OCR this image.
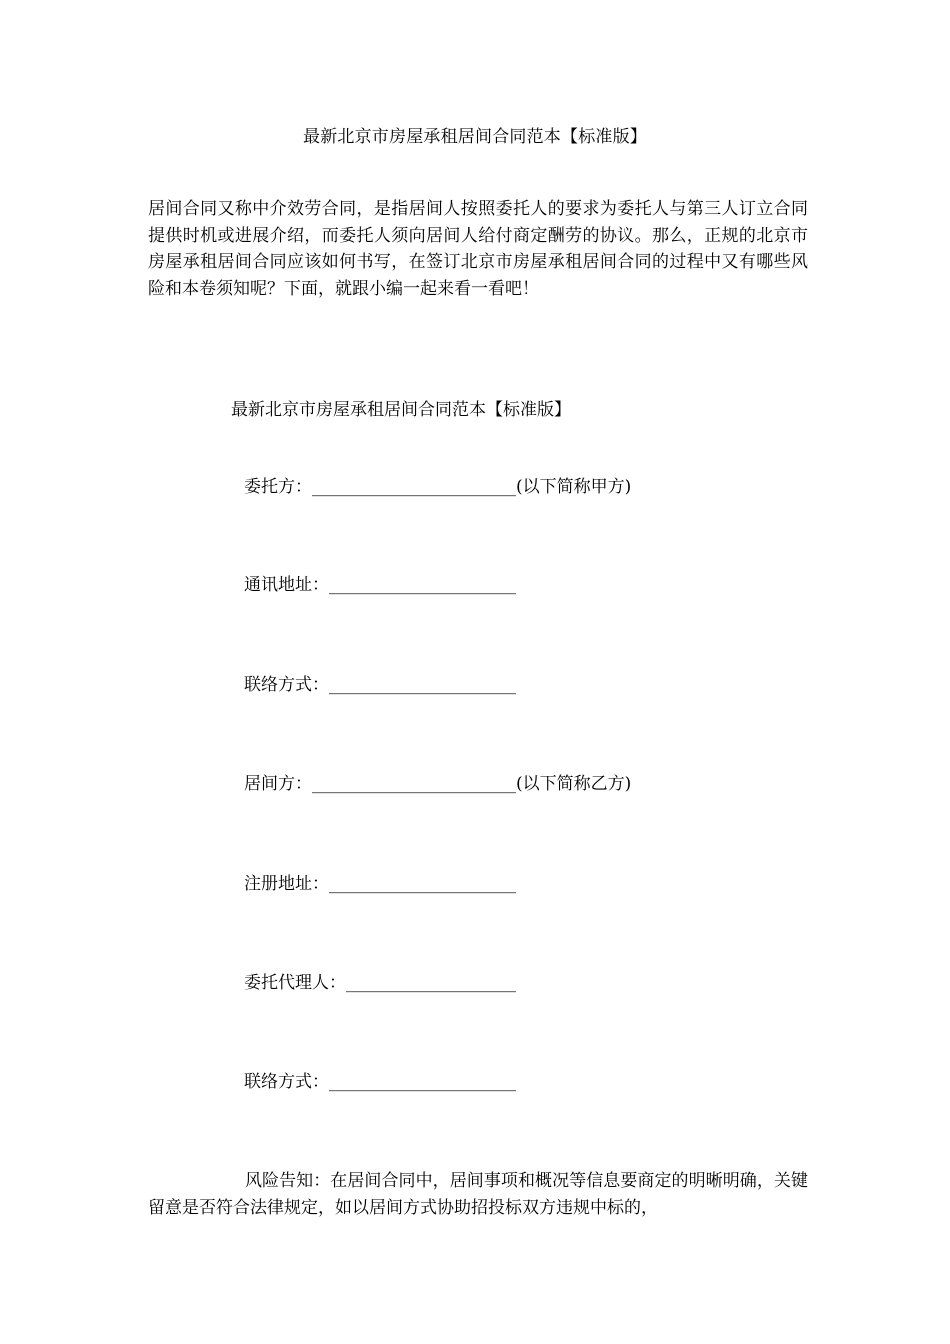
最新北京市房屋承租居间合同范本【标准版】

居间合同又称中介效劳合同，是指居间人按照委托人的要求为委托人与第三人订立合同提供时机或进展介绍，而委托人须向居间人给付商定酬劳的协议。那么，正规的北京市房屋承租居间合同应该如何书写，在签订北京市房屋承租居间合同的过程中又有哪些风险和本卷须知呢？下面，就跟小编一起来看一看吧！

最新北京市房屋承租居间合同范本【标准版】
委托方：________________________(以下简称甲方)
通讯地址：______________________
联络方式：______________________
居间方：________________________(以下简称乙方)
注册地址：______________________
委托代理人：____________________
联络方式：______________________

风险告知：在居间合同中，居间事项和概况等信息要商定的明晰明确，关键留意是否符合法律规定，如以居间方式协助招投标双方违规中标的，
